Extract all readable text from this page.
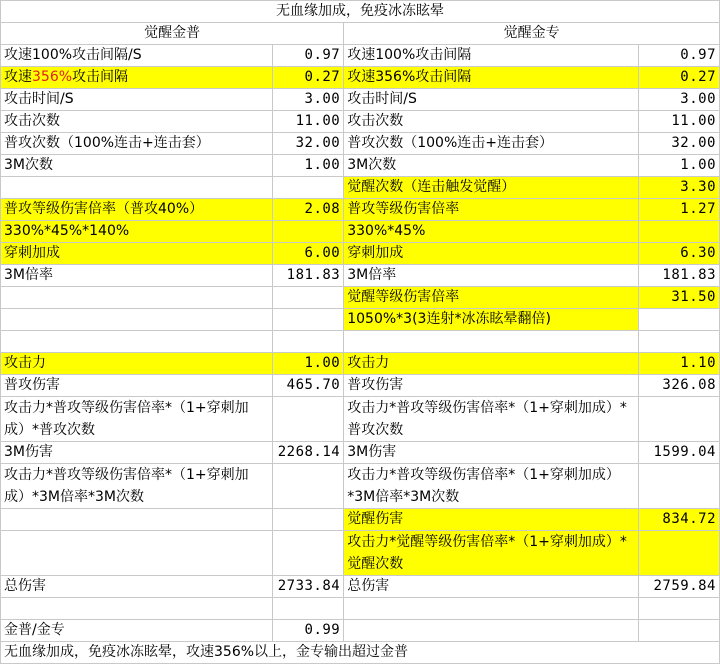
无血缘加成，免疫冰冻眩晕			
觉醒金普		觉醒金专	
攻速100%攻击间隔/S	0.97	攻速100%攻击间隔	0.97
攻速356%攻击间隔	0.27	攻速356%攻击间隔	0.27
攻击时间/S	3.00	攻击时间/S	3.00
攻击次数	11.00	攻击次数	11.00
普攻次数（100%连击+连击套）	32.00	普攻次数（100%连击+连击套）	32.00
3M次数	1.00	3M次数	1.00
		觉醒次数（连击触发觉醒）	3.30
普攻等级伤害倍率（普攻40%）	2.08	普攻等级伤害倍率	1.27
330%*45%*140%		330%*45%	
穿刺加成	6.00	穿刺加成	6.30
3M倍率	181.83	3M倍率	181.83
		觉醒等级伤害倍率	31.50
		1050%*3(3连射*冰冻眩晕翻倍)	

攻击力	1.00	攻击力	1.10
普攻伤害	465.70	普攻伤害	326.08
攻击力*普攻等级伤害倍率*（1+穿刺加成）*普攻次数		攻击力*普攻等级伤害倍率*（1+穿刺加成）*普攻次数	
3M伤害	2268.14	3M伤害	1599.04
攻击力*普攻等级伤害倍率*（1+穿刺加成）*3M倍率*3M次数		攻击力*普攻等级伤害倍率*（1+穿刺加成）*3M倍率*3M次数	
		觉醒伤害	834.72
		攻击力*觉醒等级伤害倍率*（1+穿刺加成）*觉醒次数	
总伤害	2733.84	总伤害	2759.84

金普/金专	0.99		
无血缘加成，免疫冰冻眩晕，攻速356%以上，金专输出超过金普			
